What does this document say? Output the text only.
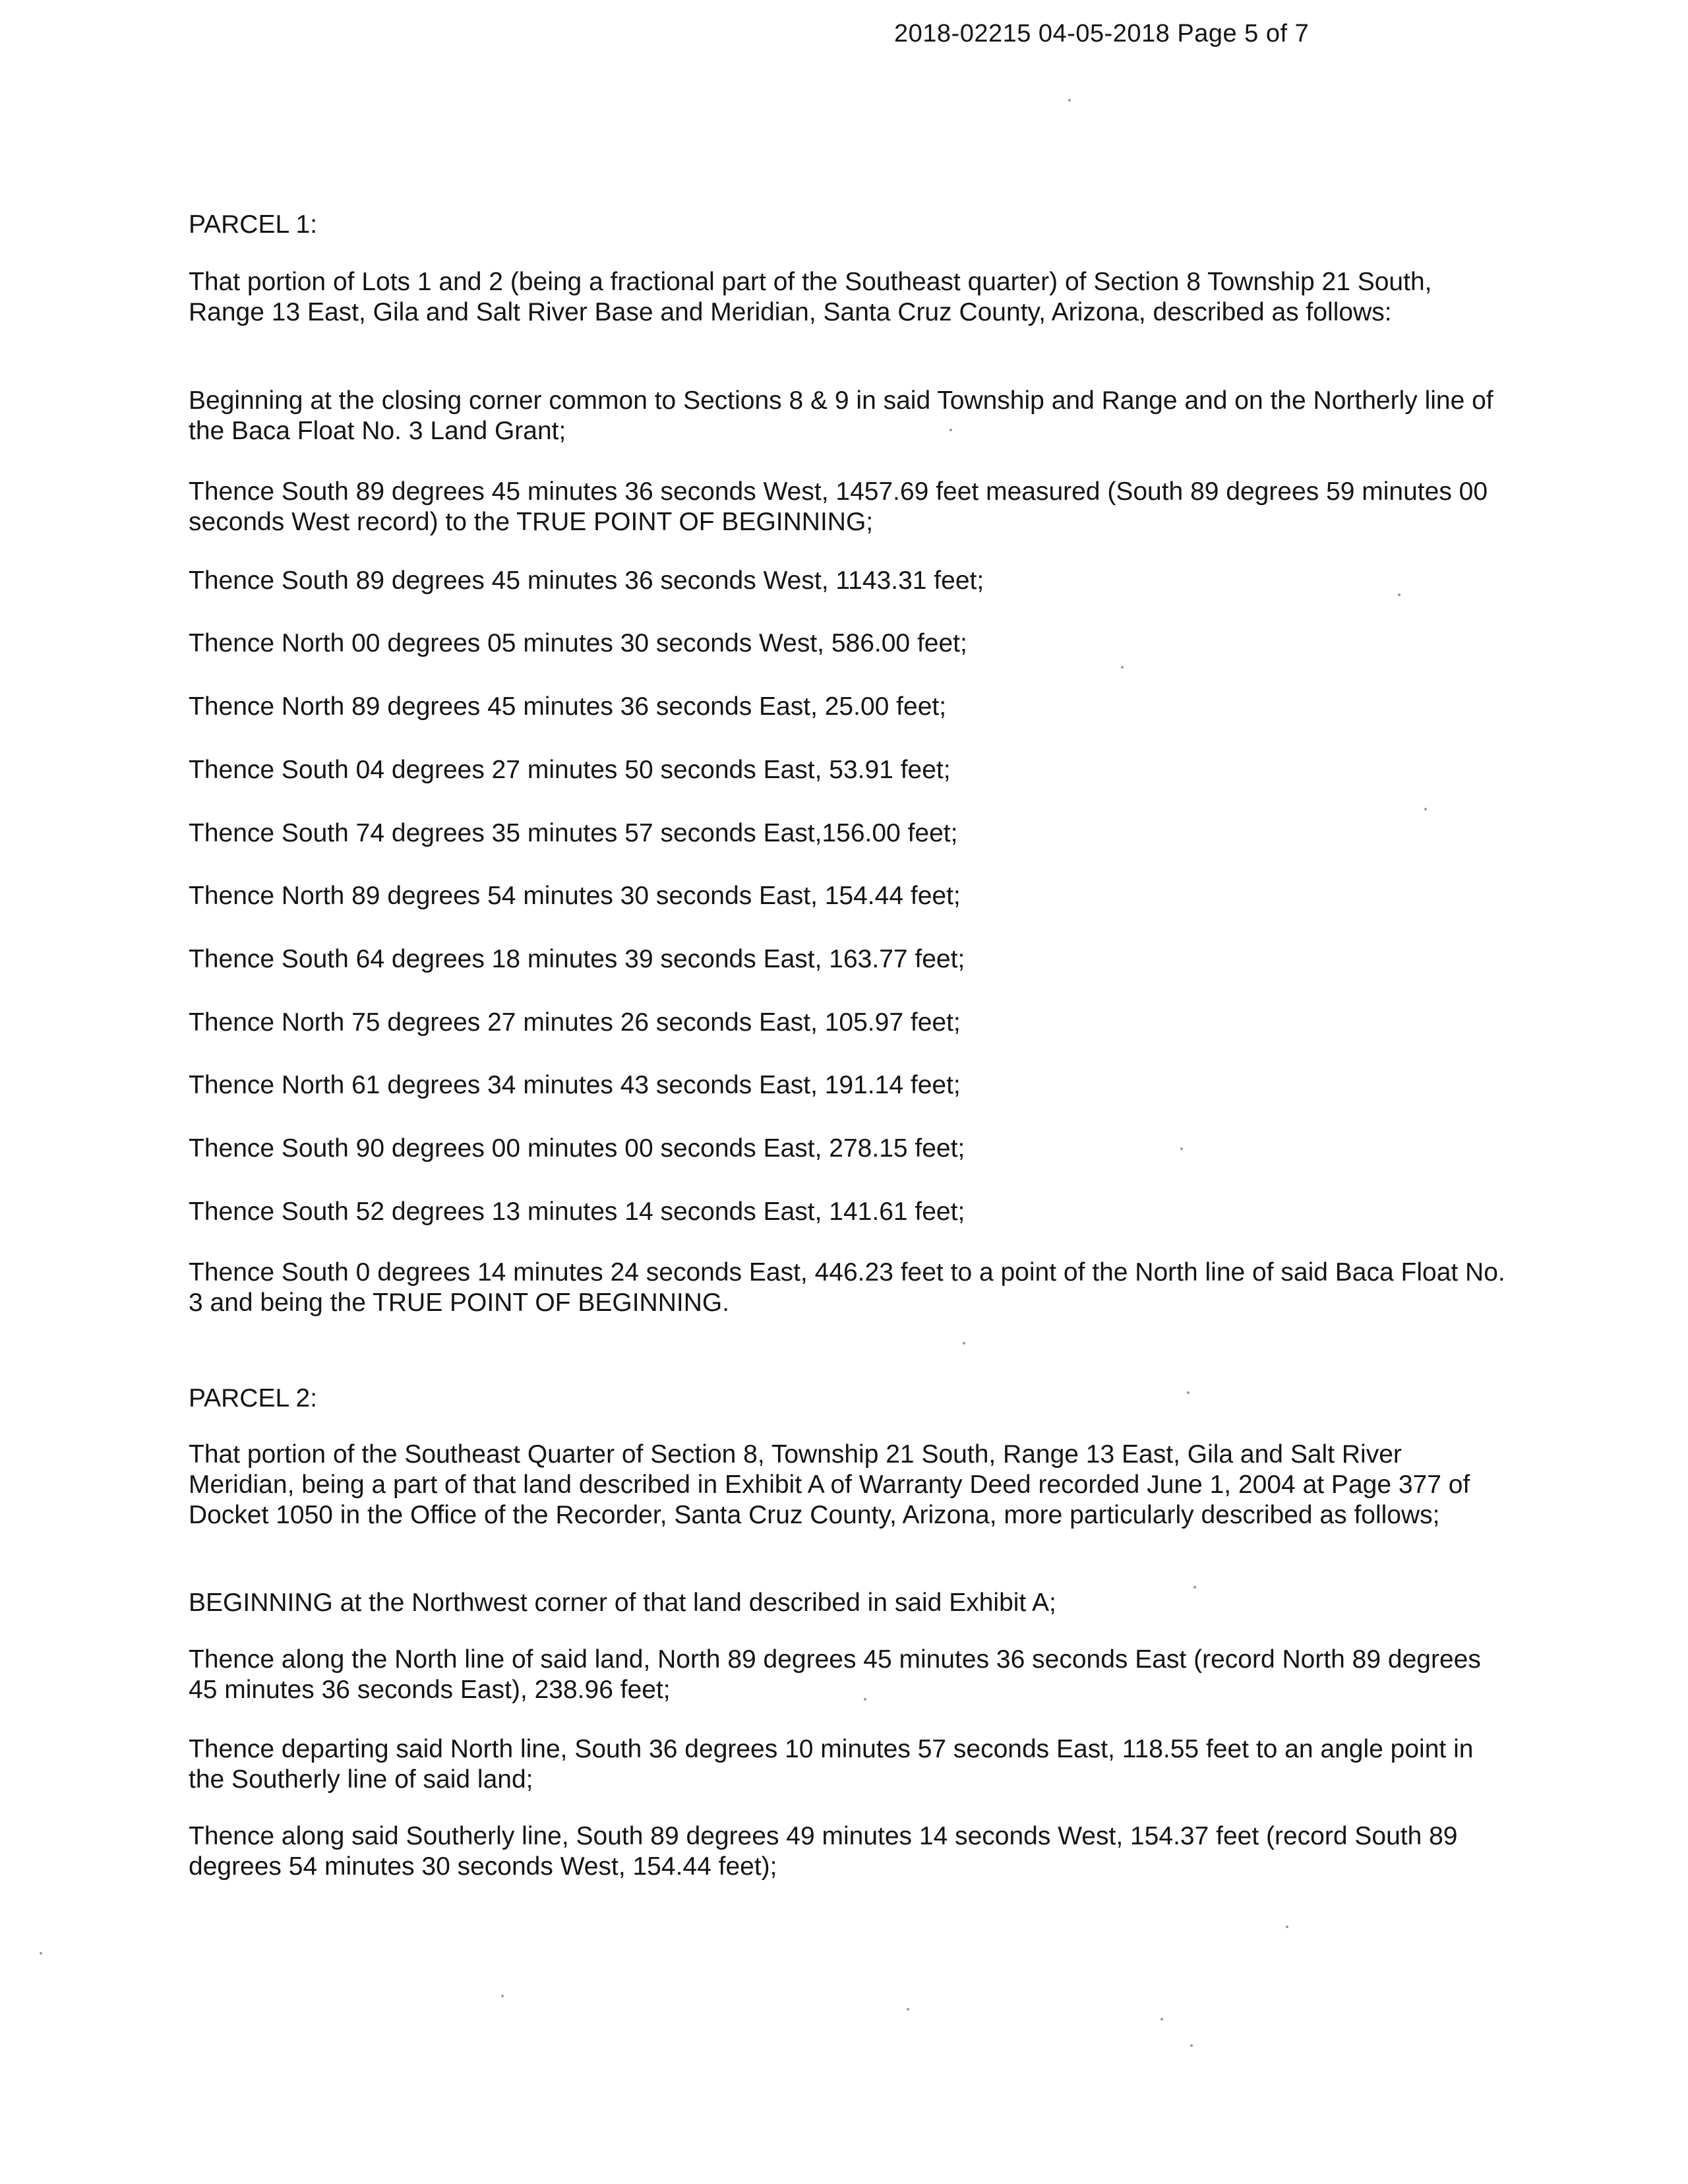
2018-02215 04-05-2018 Page 5 of 7

PARCEL 1:

That portion of Lots 1 and 2 (being a fractional part of the Southeast quarter) of Section 8 Township 21 South, Range 13 East, Gila and Salt River Base and Meridian, Santa Cruz County, Arizona, described as follows:

Beginning at the closing corner common to Sections 8 & 9 in said Township and Range and on the Northerly line of the Baca Float No. 3 Land Grant;

Thence South 89 degrees 45 minutes 36 seconds West, 1457.69 feet measured (South 89 degrees 59 minutes 00 seconds West record) to the TRUE POINT OF BEGINNING;

Thence South 89 degrees 45 minutes 36 seconds West, 1143.31 feet;

Thence North 00 degrees 05 minutes 30 seconds West, 586.00 feet;

Thence North 89 degrees 45 minutes 36 seconds East, 25.00 feet;

Thence South 04 degrees 27 minutes 50 seconds East, 53.91 feet;

Thence South 74 degrees 35 minutes 57 seconds East,156.00 feet;

Thence North 89 degrees 54 minutes 30 seconds East, 154.44 feet;

Thence South 64 degrees 18 minutes 39 seconds East, 163.77 feet;

Thence North 75 degrees 27 minutes 26 seconds East, 105.97 feet;

Thence North 61 degrees 34 minutes 43 seconds East, 191.14 feet;

Thence South 90 degrees 00 minutes 00 seconds East, 278.15 feet;

Thence South 52 degrees 13 minutes 14 seconds East, 141.61 feet;

Thence South 0 degrees 14 minutes 24 seconds East, 446.23 feet to a point of the North line of said Baca Float No. 3 and being the TRUE POINT OF BEGINNING.

PARCEL 2:

That portion of the Southeast Quarter of Section 8, Township 21 South, Range 13 East, Gila and Salt River Meridian, being a part of that land described in Exhibit A of Warranty Deed recorded June 1, 2004 at Page 377 of Docket 1050 in the Office of the Recorder, Santa Cruz County, Arizona, more particularly described as follows;

BEGINNING at the Northwest corner of that land described in said Exhibit A;

Thence along the North line of said land, North 89 degrees 45 minutes 36 seconds East (record North 89 degrees 45 minutes 36 seconds East), 238.96 feet;

Thence departing said North line, South 36 degrees 10 minutes 57 seconds East, 118.55 feet to an angle point in the Southerly line of said land;

Thence along said Southerly line, South 89 degrees 49 minutes 14 seconds West, 154.37 feet (record South 89 degrees 54 minutes 30 seconds West, 154.44 feet);
